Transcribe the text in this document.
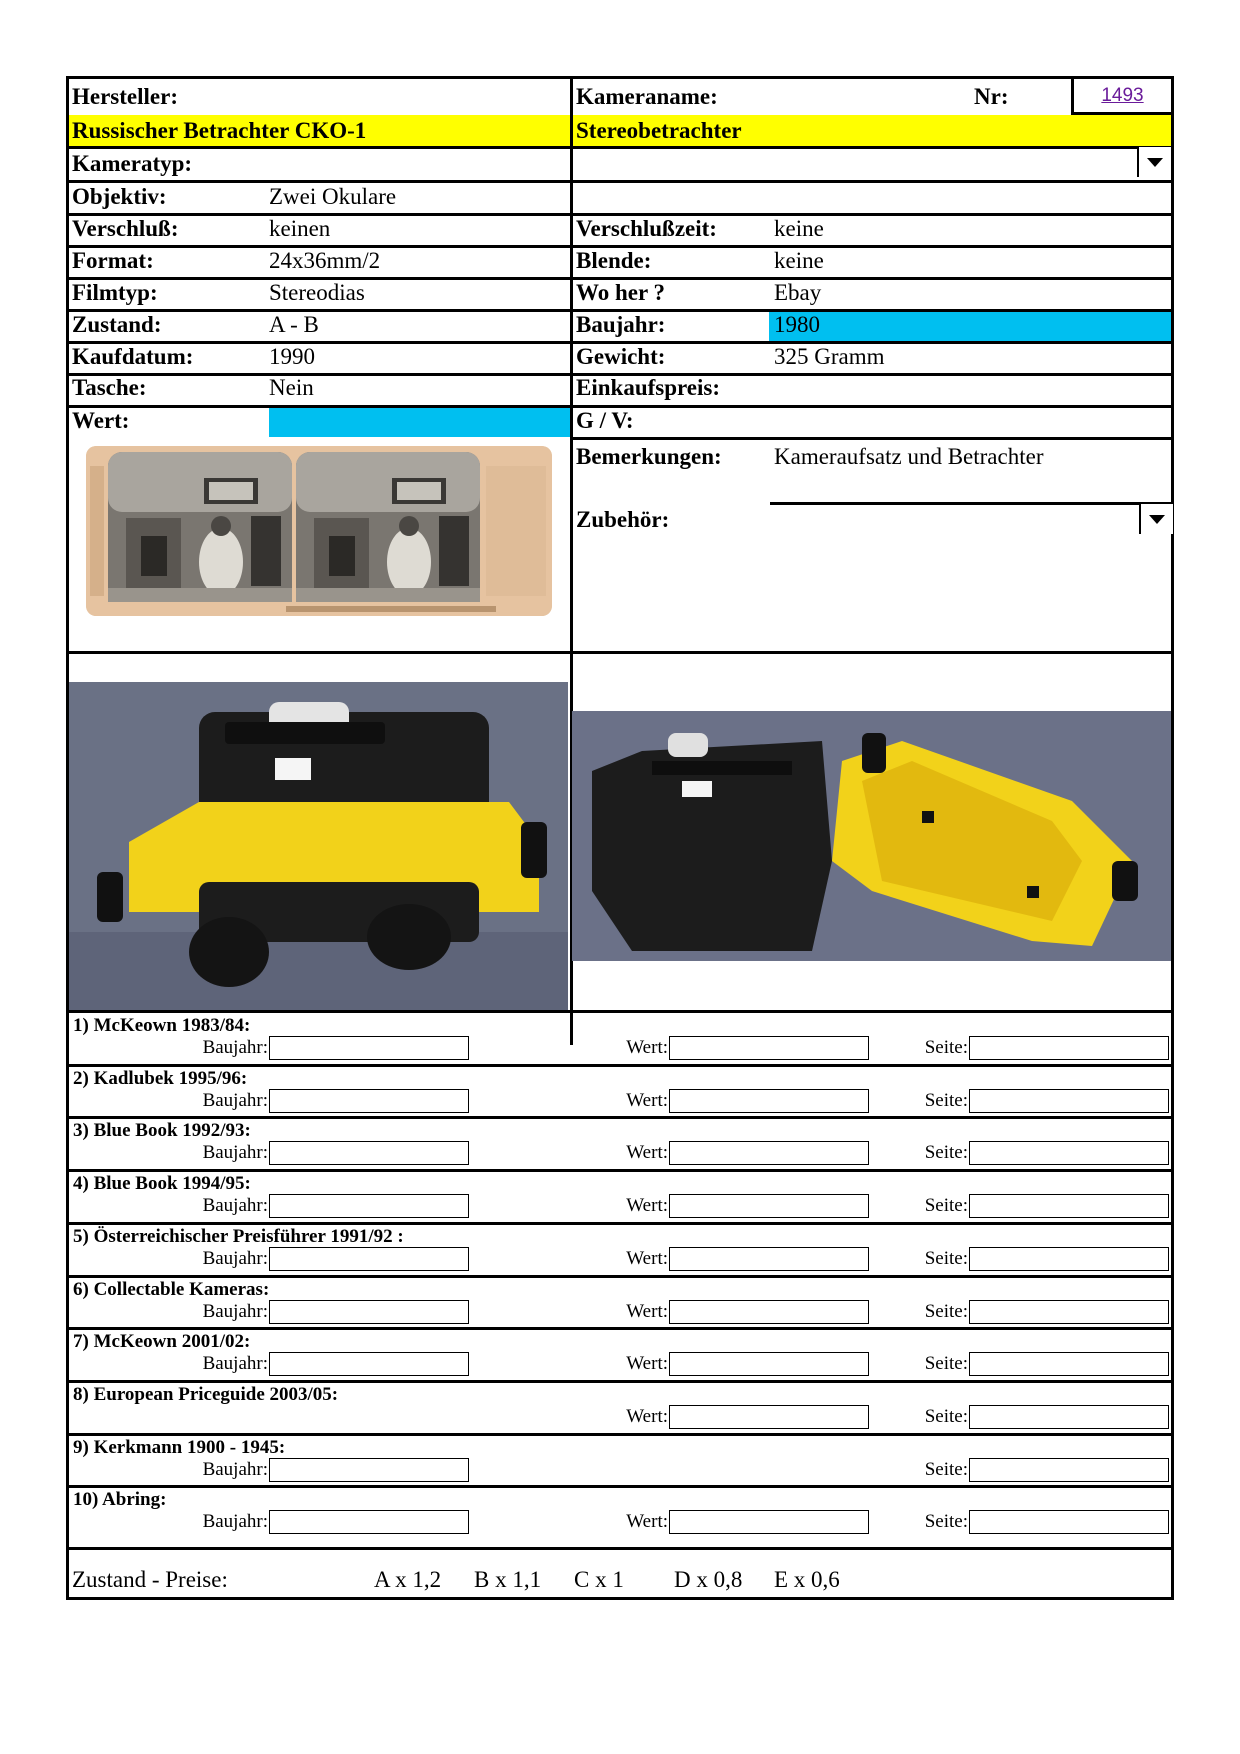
Hersteller:
Russischer Betrachter CKO-1
Kameraname:
Stereobetrachter
Nr:	1493
Kameratyp:
Objektiv:	Zwei Okulare
Verschluß:	keinen	Verschlußzeit: keine
Format:	24x36mm/2	Blende:	keine
Filmtyp:	Stereodias	Wo her ?	Ebay
Zustand:	A - B	Baujahr:	1980
Kaufdatum:	1990	Gewicht:	325 Gramm
Tasche:	Nein	Einkaufspreis:
Wert:	G / V:
Bemerkungen: Kameraufsatz und Betrachter
Zubehör:
1) McKeown 1983/84:
Baujahr:	Wert:	Seite:
2) Kadlubek 1995/96:
Baujahr:	Wert:	Seite:
3) Blue Book 1992/93:
Baujahr:	Wert:	Seite:
4) Blue Book 1994/95:
Baujahr:	Wert:	Seite:
5) Österreichischer Preisführer 1991/92 :
Baujahr:	Wert:	Seite:
6) Collectable Kameras:
Baujahr:	Wert:	Seite:
7) McKeown 2001/02:
Baujahr:	Wert:	Seite:
8) European Priceguide 2003/05:
Wert:	Seite:
9) Kerkmann 1900 - 1945:
Baujahr:	Seite:
10) Abring:
Baujahr:	Wert:	Seite:
Zustand - Preise:	A x 1,2 B x 1,1 C x 1 D x 0,8 E x 0,6
